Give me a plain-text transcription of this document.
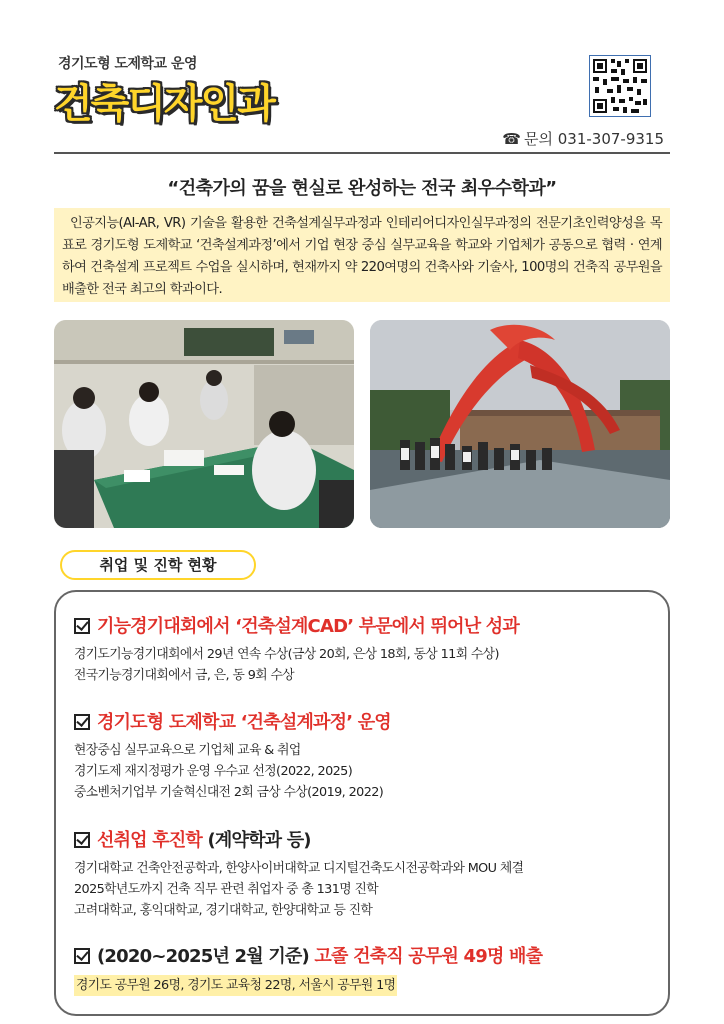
경기도형 도제학교 운영
건축디자인과
☎ 문의 031-307-9315
“건축가의 꿈을 현실로 완성하는 전국 최우수학과”
인공지능(AI-AR, VR) 기술을 활용한 건축설계실무과정과 인테리어디자인실무과정의 전문기초인력양성을 목표로 경기도형 도제학교 ‘건축설계과정’에서 기업 현장 중심 실무교육을 학교와 기업체가 공동으로 협력 · 연계하여 건축설계 프로젝트 수업을 실시하며, 현재까지 약 220여명의 건축사와 기술사, 100명의 건축직 공무원을 배출한 전국 최고의 학과이다.
취업 및 진학 현황
기능경기대회에서 ‘건축설계CAD’ 부문에서 뛰어난 성과
경기도기능경기대회에서 29년 연속 수상(금상 20회, 은상 18회, 동상 11회 수상)
전국기능경기대회에서 금, 은, 동 9회 수상
경기도형 도제학교 ‘건축설계과정’ 운영
현장중심 실무교육으로 기업체 교육 & 취업
경기도제 재지정평가 운영 우수교 선정(2022, 2025)
중소벤처기업부 기술혁신대전 2회 금상 수상(2019, 2022)
선취업 후진학 (계약학과 등)
경기대학교 건축안전공학과, 한양사이버대학교 디지털건축도시전공학과와 MOU 체결
2025학년도까지 건축 직무 관련 취업자 중 총 131명 진학
고려대학교, 홍익대학교, 경기대학교, 한양대학교 등 진학
(2020~2025년 2월 기준) 고졸 건축직 공무원 49명 배출
경기도 공무원 26명, 경기도 교육청 22명, 서울시 공무원 1명
